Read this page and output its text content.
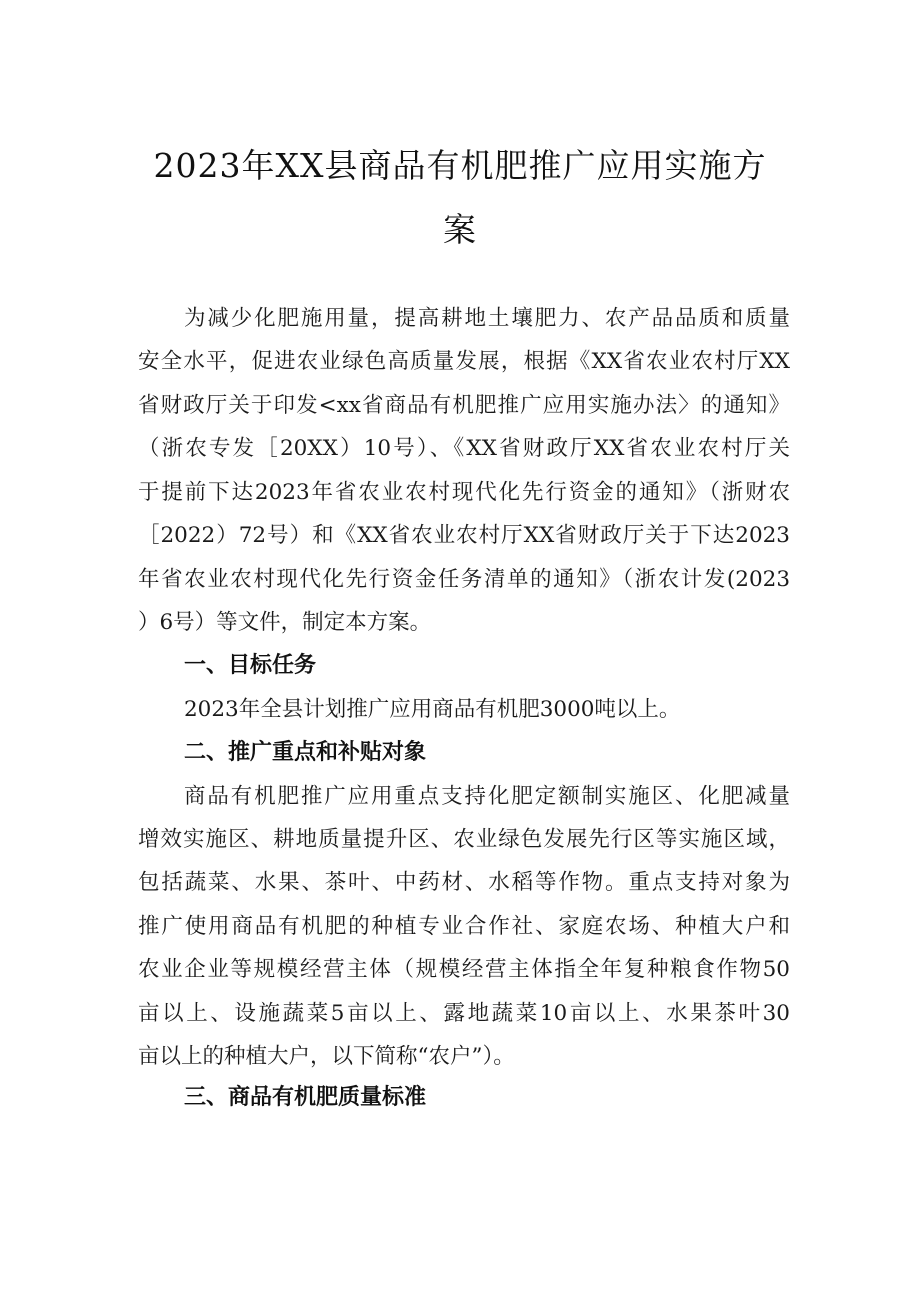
2023年XX县商品有机肥推广应用实施方
案
为减少化肥施用量，提高耕地土壤肥力、农产品品质和质量
安全水平，促进农业绿色高质量发展，根据《XX省农业农村厅XX
省财政厅关于印发<xx省商品有机肥推广应用实施办法〉的通知》
（浙农专发［20XX）10号）、《XX省财政厅XX省农业农村厅关
于提前下达2023年省农业农村现代化先行资金的通知》（浙财农
［2022）72号）和《XX省农业农村厅XX省财政厅关于下达2023
年省农业农村现代化先行资金任务清单的通知》（浙农计发(2023
）6号）等文件，制定本方案。
一、目标任务
2023年全县计划推广应用商品有机肥3000吨以上。
二、推广重点和补贴对象
商品有机肥推广应用重点支持化肥定额制实施区、化肥减量
增效实施区、耕地质量提升区、农业绿色发展先行区等实施区域，
包括蔬菜、水果、茶叶、中药材、水稻等作物。重点支持对象为
推广使用商品有机肥的种植专业合作社、家庭农场、种植大户和
农业企业等规模经营主体（规模经营主体指全年复种粮食作物50
亩以上、设施蔬菜5亩以上、露地蔬菜10亩以上、水果茶叶30
亩以上的种植大户，以下简称“农户”）。
三、商品有机肥质量标准
